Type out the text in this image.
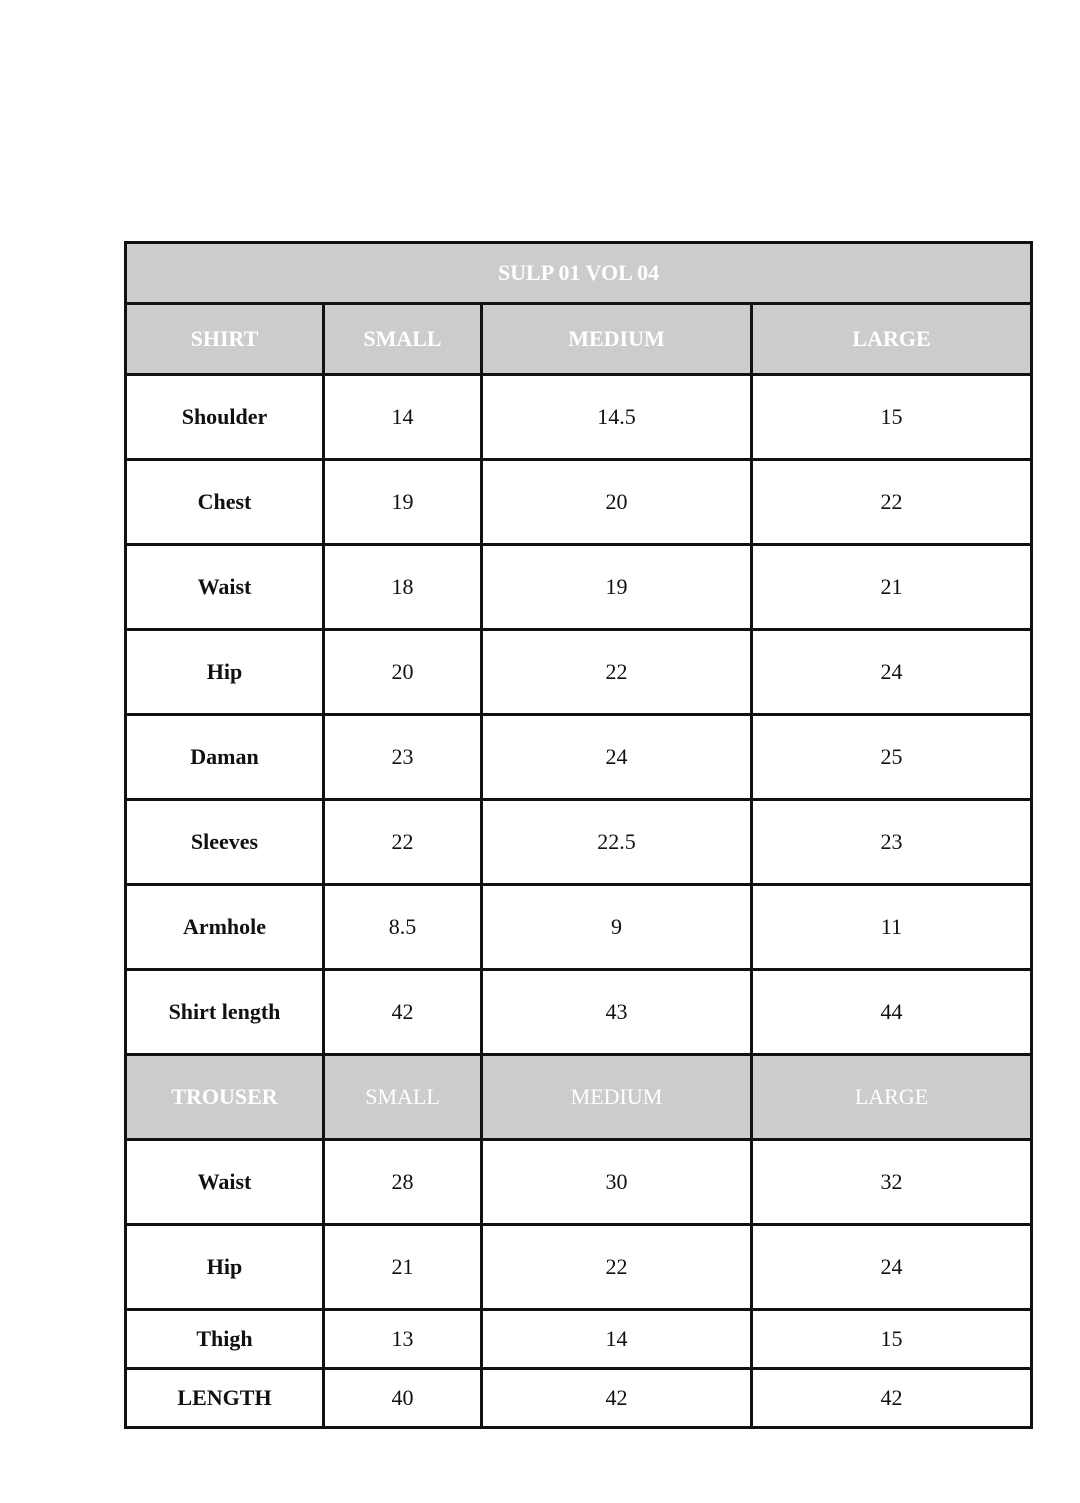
SULP 01 VOL 04			
SHIRT	SMALL	MEDIUM	LARGE
Shoulder	14	14.5	15
Chest	19	20	22
Waist	18	19	21
Hip	20	22	24
Daman	23	24	25
Sleeves	22	22.5	23
Armhole	8.5	9	11
Shirt length	42	43	44
TROUSER	SMALL	MEDIUM	LARGE
Waist	28	30	32
Hip	21	22	24
Thigh	13	14	15
LENGTH	40	42	42
